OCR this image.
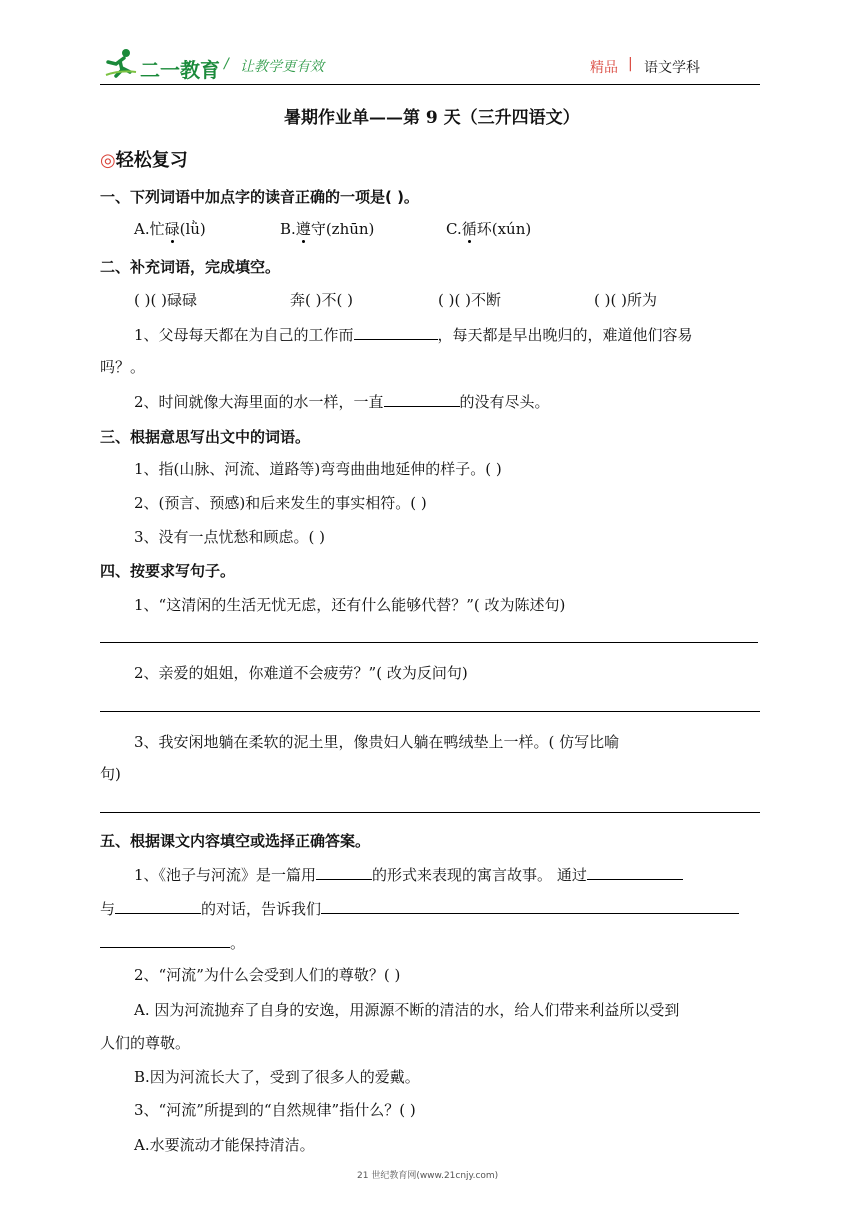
二一教育 / 让教学更有效	精品 | 语文学科
暑期作业单——第 9 天（三升四语文）
◎轻松复习
一、下列词语中加点字的读音正确的一项是( )。
A.忙碌(lǜ)	B.遵守(zhūn)	C.循环(xún)
二、补充词语，完成填空。
( )( )碌碌	奔( )不( )	( )( )不断	( )( )所为
1、父母每天都在为自己的工作而	，每天都是早出晚归的，难道他们容易
吗？。
2、时间就像大海里面的水一样，一直	的没有尽头。
三、根据意思写出文中的词语。
1、指(山脉、河流、道路等)弯弯曲曲地延伸的样子。( )
2、(预言、预感)和后来发生的事实相符。( )
3、没有一点忧愁和顾虑。( )
四、按要求写句子。
1、“这清闲的生活无忧无虑，还有什么能够代替？”( 改为陈述句)
2、亲爱的姐姐，你难道不会疲劳？”( 改为反问句)
3、我安闲地躺在柔软的泥土里，像贵妇人躺在鸭绒垫上一样。( 仿写比喻
句)
五、根据课文内容填空或选择正确答案。
1、《池子与河流》是一篇用	的形式来表现的寓言故事。 通过
与	的对话，告诉我们
。
2、“河流”为什么会受到人们的尊敬？( )
A. 因为河流抛弃了自身的安逸，用源源不断的清洁的水，给人们带来利益所以受到
人们的尊敬。
B.因为河流长大了，受到了很多人的爱戴。
3、“河流”所提到的“自然规律”指什么？( )
A.水要流动才能保持清洁。
21 世纪教育网(www.21cnjy.com)
